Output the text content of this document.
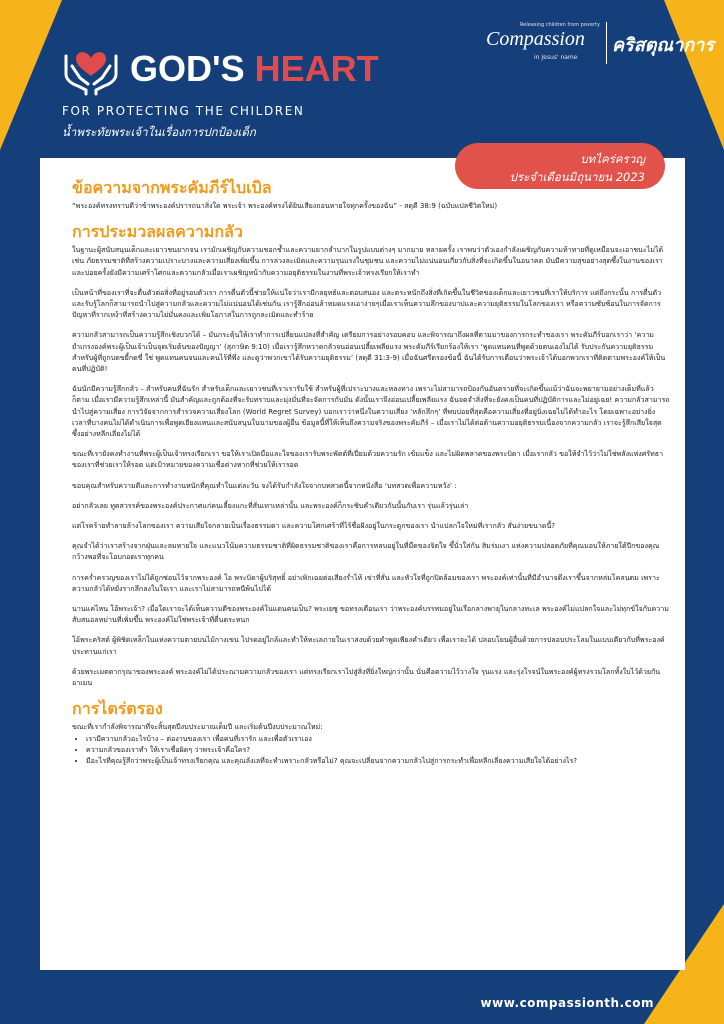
GOD'S HEART
FOR PROTECTING THE CHILDREN
น้ำพระทัยพระเจ้าในเรื่องการปกป้องเด็ก
Releasing children from poverty
Compassion
in Jesus' name
คริสตุณาการ
บทไคร่ครวญ
ประจำเดือนมิถุนายน 2023
ข้อความจากพระคัมภีร์ไบเบิล

“พระองค์ทรงทราบดีว่าข้าพระองค์ปรารถนาสิ่งใด พระเจ้า พระองค์ทรงได้ยินเสียงถอนหายใจทุกครั้งของฉัน” - สดุดี 38:9 (ฉบับแปลชีวิตใหม่)

การประมวลผลความกลัว

ในฐานะผู้สนับสนุนเด็กและเยาวชนยากจน เรามักเผชิญกับความชอกช้ำและความยากลำบากในรูปแบบต่างๆ มากมาย หลายครั้ง เราพบว่าตัวเองกำลังเผชิญกับความท้าทายที่ดูเหมือนจะเอาชนะไม่ได้ เช่น ภัยธรรมชาติที่สร้างความเปราะบางและความเสี่ยงเพิ่มขึ้น การล่วงละเมิดและความรุนแรงในชุมชน และความไม่แน่นอนเกี่ยวกับสิ่งที่จะเกิดขึ้นในอนาคต มันมีความสุขอย่างสุดซึ้งในงานของเรา และบ่อยครั้งยังมีความเศร้าโศกและความกลัวเมื่อเราเผชิญหน้ากับความอยุติธรรมในงานที่พระเจ้าทรงเรียกให้เราทำ

เป็นหน้าที่ของเราที่จะตื่นตัวต่อสิ่งที่อยู่รอบตัวเรา การตื่นตัวนี้ช่วยให้แน่ใจว่าเรามีกลยุทธ์และตอบสนอง และตระหนักถึงสิ่งที่เกิดขึ้นในชีวิตของเด็กและเยาวชนที่เราให้บริการ แต่ถึงกระนั้น การตื่นตัวและรับรู้โลกก็สามารถนำไปสู่ความกลัวและความไม่แน่นอนได้เช่นกัน เรารู้สึกอ่อนล้าหมดแรงเอาง่ายๆเมื่อเราเห็นความลึกของบาปและความยุติธรรมในโลกของเรา หรือความซับซ้อนในการจัดการปัญหาที่รากเหง้าที่สร้างความไม่มั่นคงและเพิ่มโอกาสในการถูกละเมิดและทำร้าย

ความกลัวสามารถเป็นความรู้สึกเชิงบวกได้ – มันกระตุ้นให้เราทำการเปลี่ยนแปลงที่สำคัญ เตรียมการอย่างรอบคอบ และพิจารณาถึงผลที่ตามมาของการกระทำของเรา พระคัมภีร์บอกเราว่า ‘ความยำเกรงองค์พระผู้เป็นเจ้าเป็นจุดเริ่มต้นของปัญญา’ (สุภาษิต 9:10) เมื่อเรารู้สึกหวาดกลัวจนอ่อนเปลี้ยเพลียแรง พระคัมภีร์เรียกร้องให้เรา ‘พูดแทนคนที่พูดด้วยตนเองไม่ได้ รับประกันความยุติธรรมสำหรับผู้ที่ถูกบดขยี้กดขี่ ใช่ พูดแทนคนจนและคนไร้ที่พึ่ง และดูว่าพวกเขาได้รับความยุติธรรม’ (สดุดี 31:3-9) เมื่อฉันศรีตรองข้อนี้ ฉันได้รับการเตือนว่าพระเจ้าได้บอกพวกเราที่ติดตามพระองค์ให้เป็นคนที่ปฏิบัติ!

ฉันนักมีความรู้สึกกลัว – สำหรับคนที่ฉันรัก สำหรับเด็กและเยาวชนที่เราเรารับใช้ สำหรับผู้ที่เปราะบางและหลงทาง เพราะไม่สามารถป้องกันอันตรายที่จะเกิดขึ้นแม้ว่าฉันจะพยายามอย่างเต็มที่แล้วก็ตาม เมื่อเรามีความรู้สึกเหล่านี้ มันสำคัญและถูกต้องที่จะรับทราบและมุ่งมั่นที่จะจัดการกับมัน ดังนั้นเราจึงอ่อนเปลี้ยเพลียแรง ฉันจดจำสิ่งที่จะยังคงเป็นคนที่ปฏิบัติการและไม่อยู่เฉย! ความกลัวสามารถนำไปสู่ความเสี่ยง การวิจัยจากการสำรวจความเสี่ยงโลก (World Regret Survey) บอกเราว่าหนึ่งในความเสี่ยง ‘หลักลึกๆ’ ที่พบบ่อยที่สุดคือความเสี่ยงที่อยู่นิ่งเฉยไม่ได้ทำอะไร โดยเฉพาะอย่างยิ่ง เวลาที่บางคนไม่ได้ดำเนินการเพื่อพูดเยียงแทนและสนับสนุนในนามของผู้อื่น ข้อมูลนี้ที่ให้เห็นถึงความจริงของพระคัมภีร์ – เมื่อเราไม่ได้ต่อต้านความอยุติธรรมเนื่องจากความกลัว เราจะรู้สึกเสียใจสุดซึ้งอย่างหลีกเลี่ยงไม่ได้

ขณะที่เรายังคงทำงานที่พระผู้เป็นเจ้าทรงเรียกเรา ขอให้เราเปิดมือและใจของเรารับพระพัตต์ที่เปี่ยมด้วยความรัก เข้มแข็ง และไม่ผิดพลาดของพระบิดา เมื่อเรากลัว ขอให้จำไว้ว่าไม่ใช่พลังแห่งศรัทธาของเราที่ช่วยเราให้รอด แต่เป้าหมายของความเชื่อต่างหากที่ช่วยให้เรารอด

ขอบคุณสำหรับความดีและการทำงานหนักที่คุณทำในแต่ละวัน จงได้รับกำลังใจจากบทสวดนี้จากหนังสือ ‘บทสวดเพื่อความหวัง’ :

อย่ากลัวเลย ทูตสวรรค์ของพระองค์ประกาศแก่คนเลี้ยงแกะที่สั่นเทาเหล่านั้น และพระองค์ก็กระซิบคำเดียวกันนั้นกับเรา รุ่นแล้วรุ่นเล่า

แต่โรคร้ายทำลายล้างโลกของเรา ความเสียใจกลายเป็นเรื่องธรรมดา และความโศกเศร้าที่ไร้ชื่อฝังอยู่ในกระดูกของเรา นำแปลกใจใหม่ที่เรากลัว สั่นง่ายขนาดนี้?

คุณจำได้ว่าเราสร้างจากฝุ่นและลมหายใจ และแนวโน้มความธรรมชาติที่ผิดธรรมชาติของเราคือการหลบอยู่ในที่มืดของจิตใจ ขึ้นั่วใส่กัน สิมร่มเงา แห่งความปลอดภัยที่คุณมอบให้ภายใต้ปีกของคุณ กว้างพอที่จะโอบกอดเราทุกคน

การคร่ำครวญของเราไม่ได้ถูกซ่อนไว้จากพระองค์ โอ พระบิดาผู้บริสุทธิ์ อย่าเพิกเฉยต่อเสียงร่ำไห้ เข่าที่สั่น และหัวใจที่ถูกปิดล้อมของเรา พระองค์เท่านั้นที่มีอำนาจดึงเราขึ้นจากหล่มโคลนตม เพราะความกลัวได้หยั่งรากลึกลงในใจเรา และเราไม่สามารถหนีพ้นไปได้

นานแค่ไหน โอ้พระเจ้า? เมื่อใดเราจะได้เห็นความดีของพระองค์ในแดนคนเป็น? พระเยซู ขอทรงเตือนเรา ว่าพระองค์บรรทมอยู่ในเรือกลางพายุในกลางทะเล พระองค์ไม่แปลกใจและไม่ทุกข์ใจกับความสับสนอลหม่านที่เพิ่มขึ้น พระองค์ไม่ใช่พระเจ้าที่ตื่นตระหนก

โอ้พระคริสต์ ผู้พิชิตเหล็กในแห่งความตายบนไม้กางเขน โปรดอยู่ใกล้และทำให้ทะเลภายในเราสงบด้วยคำพูดเพียงคำเดียว เพื่อเราจะได้ ปลอบโยนผู้อื่นด้วยการปลอบประโลมในแบบเดียวกับที่พระองค์ประทานแก่เรา

ด้วยพระเมตตากรุณาของพระองค์ พระองค์ไม่ได้ประณามความกลัวของเรา แต่ทรงเรียกเราไปสู่สิ่งที่ยิ่งใหญ่กว่านั้น นั่นคือความไว้วางใจ รุนแรง และรุ่งโรจน์ในพระองค์ผู้ทรงรวมโลกทั้งใบไว้ด้วยกัน อาเมน

การไตร่ตรอง

ขณะที่เรากำลังพิจารณาที่จะสิ้นสุดปีงบประมาณเต็มปี และเริ่มต้นปีงบประมาณใหม่:

• เรามีความกลัวอะไรบ้าง – ต่องานของเรา เพื่อคนที่เรารัก และเพื่อตัวเราเอง
• ความกลัวของเราทำ ให้เราเชื่อผิดๆ ว่าพระเจ้าคือใคร?
• มีอะไรที่คุณรู้สึกว่าพระผู้เป็นเจ้าทรงเรียกคุณ และคุณลังเลที่จะทำเพราะกลัวหรือไม่? คุณจะเปลี่ยนจากความกลัวไปสู่การกระทำเพื่อหลีกเลี่ยงความเสียใจได้อย่างไร?
www.compassionth.com
